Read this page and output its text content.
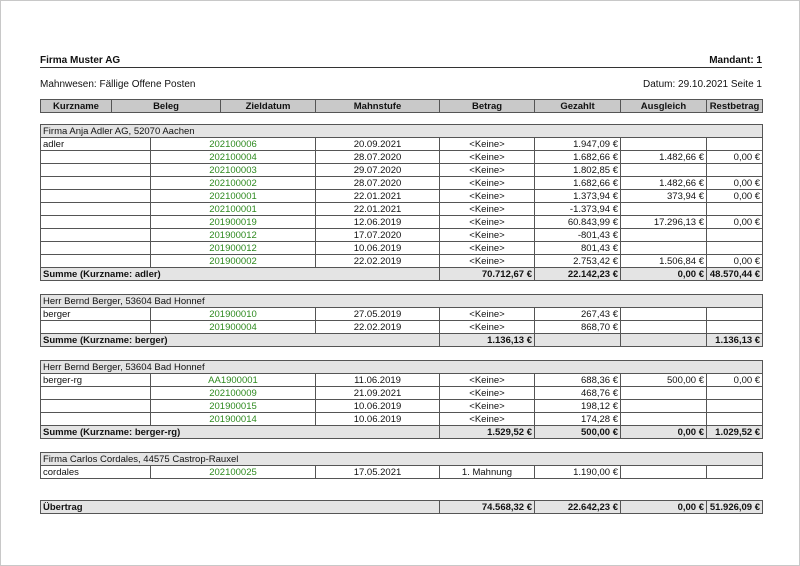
Firma Muster AG	Mandant: 1
Mahnwesen: Fällige Offene Posten	Datum: 29.10.2021 Seite 1
Kurzname	Beleg	Zieldatum	Mahnstufe	Betrag	Gezahlt	Ausgleich	Restbetrag
Firma Anja Adler AG, 52070 Aachen							
adler	202100006	20.09.2021	<Keine>	1.947,09 €			
	202100004	28.07.2020	<Keine>	1.682,66 €	1.482,66 €	0,00 €	
	202100003	29.07.2020	<Keine>	1.802,85 €			
	202100002	28.07.2020	<Keine>	1.682,66 €	1.482,66 €	0,00 €	
	202100001	22.01.2021	<Keine>	1.373,94 €	373,94 €	0,00 €	
	202100001	22.01.2021	<Keine>	-1.373,94 €			
	201900019	12.06.2019	<Keine>	60.843,99 €	17.296,13 €	0,00 €	
	201900012	17.07.2020	<Keine>	-801,43 €			
	201900012	10.06.2019	<Keine>	801,43 €			
	201900002	22.02.2019	<Keine>	2.753,42 €	1.506,84 €	0,00 €	
Summe (Kurzname: adler)			70.712,67 €	22.142,23 €	0,00 €	48.570,44 €	

Herr Bernd Berger, 53604 Bad Honnef							
berger	201900010	27.05.2019	<Keine>	267,43 €			
	201900004	22.02.2019	<Keine>	868,70 €			
Summe (Kurzname: berger)			1.136,13 €			1.136,13 €	

Herr Bernd Berger, 53604 Bad Honnef							
berger-rg	AA1900001	11.06.2019	<Keine>	688,36 €	500,00 €	0,00 €	
	202100009	21.09.2021	<Keine>	468,76 €			
	201900015	10.06.2019	<Keine>	198,12 €			
	201900014	10.06.2019	<Keine>	174,28 €			
Summe (Kurzname: berger-rg)			1.529,52 €	500,00 €	0,00 €	1.029,52 €	

Firma Carlos Cordales, 44575 Castrop-Rauxel							
cordales	202100025	17.05.2021	1. Mahnung	1.190,00 €			
Übertrag	74.568,32 €	22.642,23 €	0,00 €	51.926,09 €
